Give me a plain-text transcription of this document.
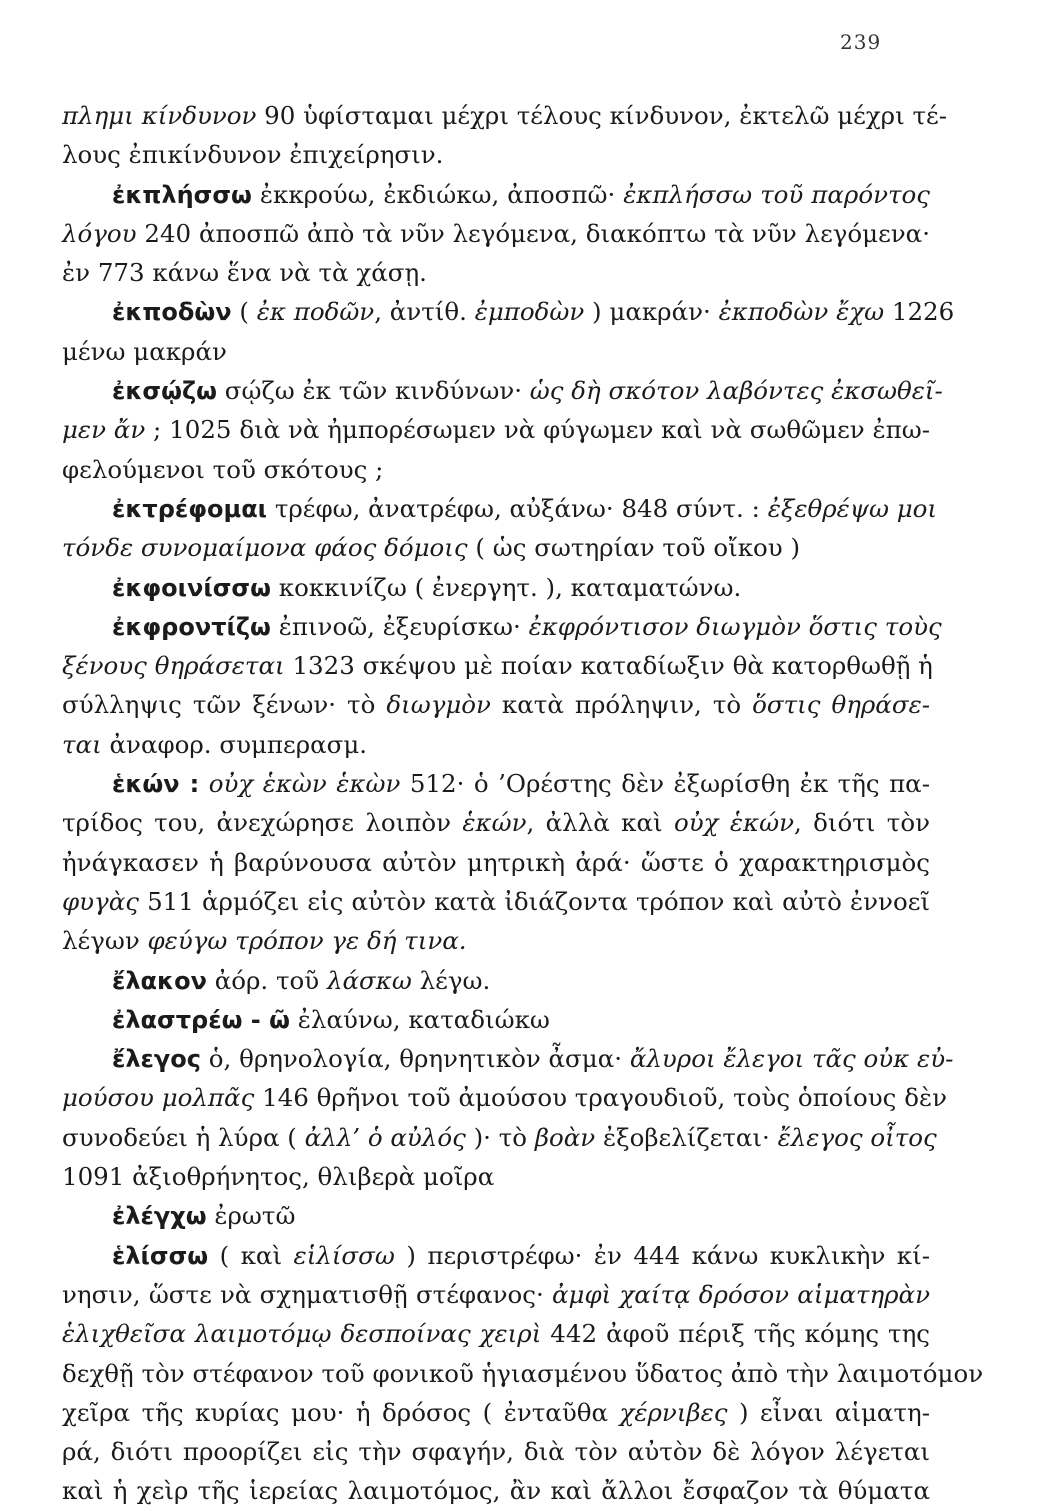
239
πλημι κίνδυνον 90 ὑφίσταμαι μέχρι τέλους κίνδυνον, ἐκτελῶ μέχρι τέ-
λους ἐπικίνδυνον ἐπιχείρησιν.
ἐκπλήσσω ἐκκρούω, ἐκδιώκω, ἀποσπῶ· ἐκπλήσσω τοῦ παρόντος
λόγου 240 ἀποσπῶ ἀπὸ τὰ νῦν λεγόμενα, διακόπτω τὰ νῦν λεγόμενα·
ἐν 773 κάνω ἕνα νὰ τὰ χάσῃ.
ἐκποδὼν ( ἐκ ποδῶν, ἀντίθ. ἐμποδὼν ) μακράν· ἐκποδὼν ἔχω 1226
μένω μακράν
ἐκσῴζω σῴζω ἐκ τῶν κινδύνων· ὡς δὴ σκότον λαβόντες ἐκσωθεῖ-
μεν ἄν ; 1025 διὰ νὰ ἠμπορέσωμεν νὰ φύγωμεν καὶ νὰ σωθῶμεν ἐπω-
φελούμενοι τοῦ σκότους ;
ἐκτρέφομαι τρέφω, ἀνατρέφω, αὐξάνω· 848 σύντ. : ἐξεθρέψω μοι
τόνδε συνομαίμονα φάος δόμοις ( ὡς σωτηρίαν τοῦ οἴκου )
ἐκφοινίσσω κοκκινίζω ( ἐνεργητ. ), καταματώνω.
ἐκφροντίζω ἐπινοῶ, ἐξευρίσκω· ἐκφρόντισον διωγμὸν ὅστις τοὺς
ξένους θηράσεται 1323 σκέψου μὲ ποίαν καταδίωξιν θὰ κατορθωθῇ ἡ
σύλληψις τῶν ξένων· τὸ διωγμὸν κατὰ πρόληψιν, τὸ ὅστις θηράσε-
ται ἀναφορ. συμπερασμ.
ἑκών : οὐχ ἑκὼν ἑκὼν 512· ὁ ’Ορέστης δὲν ἐξωρίσθη ἐκ τῆς πα-
τρίδος του, ἀνεχώρησε λοιπὸν ἑκών, ἀλλὰ καὶ οὐχ ἑκών, διότι τὸν
ἠνάγκασεν ἡ βαρύνουσα αὐτὸν μητρικὴ ἀρά· ὥστε ὁ χαρακτηρισμὸς
φυγὰς 511 ἁρμόζει εἰς αὐτὸν κατὰ ἰδιάζοντα τρόπον καὶ αὐτὸ ἐννοεῖ
λέγων φεύγω τρόπον γε δή τινα.
ἔλακον ἀόρ. τοῦ λάσκω λέγω.
ἐλαστρέω - ῶ ἐλαύνω, καταδιώκω
ἔλεγος ὁ, θρηνολογία, θρηνητικὸν ἆσμα· ἄλυροι ἔλεγοι τᾶς οὐκ εὐ-
μούσου μολπᾶς 146 θρῆνοι τοῦ ἀμούσου τραγουδιοῦ, τοὺς ὁποίους δὲν
συνοδεύει ἡ λύρα ( ἀλλ’ ὁ αὐλός )· τὸ βοὰν ἐξοβελίζεται· ἔλεγος οἶτος
1091 ἀξιοθρήνητος, θλιβερὰ μοῖρα
ἐλέγχω ἐρωτῶ
ἑλίσσω ( καὶ εἱλίσσω ) περιστρέφω· ἐν 444 κάνω κυκλικὴν κί-
νησιν, ὥστε νὰ σχηματισθῇ στέφανος· ἀμφὶ χαίτᾳ δρόσον αἱματηρὰν
ἑλιχθεῖσα λαιμοτόμῳ δεσποίνας χειρὶ 442 ἀφοῦ πέριξ τῆς κόμης της
δεχθῇ τὸν στέφανον τοῦ φονικοῦ ἡγιασμένου ὕδατος ἀπὸ τὴν λαιμοτόμον
χεῖρα τῆς κυρίας μου· ἡ δρόσος ( ἐνταῦθα χέρνιβες ) εἶναι αἱματη-
ρά, διότι προορίζει εἰς τὴν σφαγήν, διὰ τὸν αὐτὸν δὲ λόγον λέγεται
καὶ ἡ χεὶρ τῆς ἱερείας λαιμοτόμος, ἂν καὶ ἄλλοι ἔσφαζον τὰ θύματα
